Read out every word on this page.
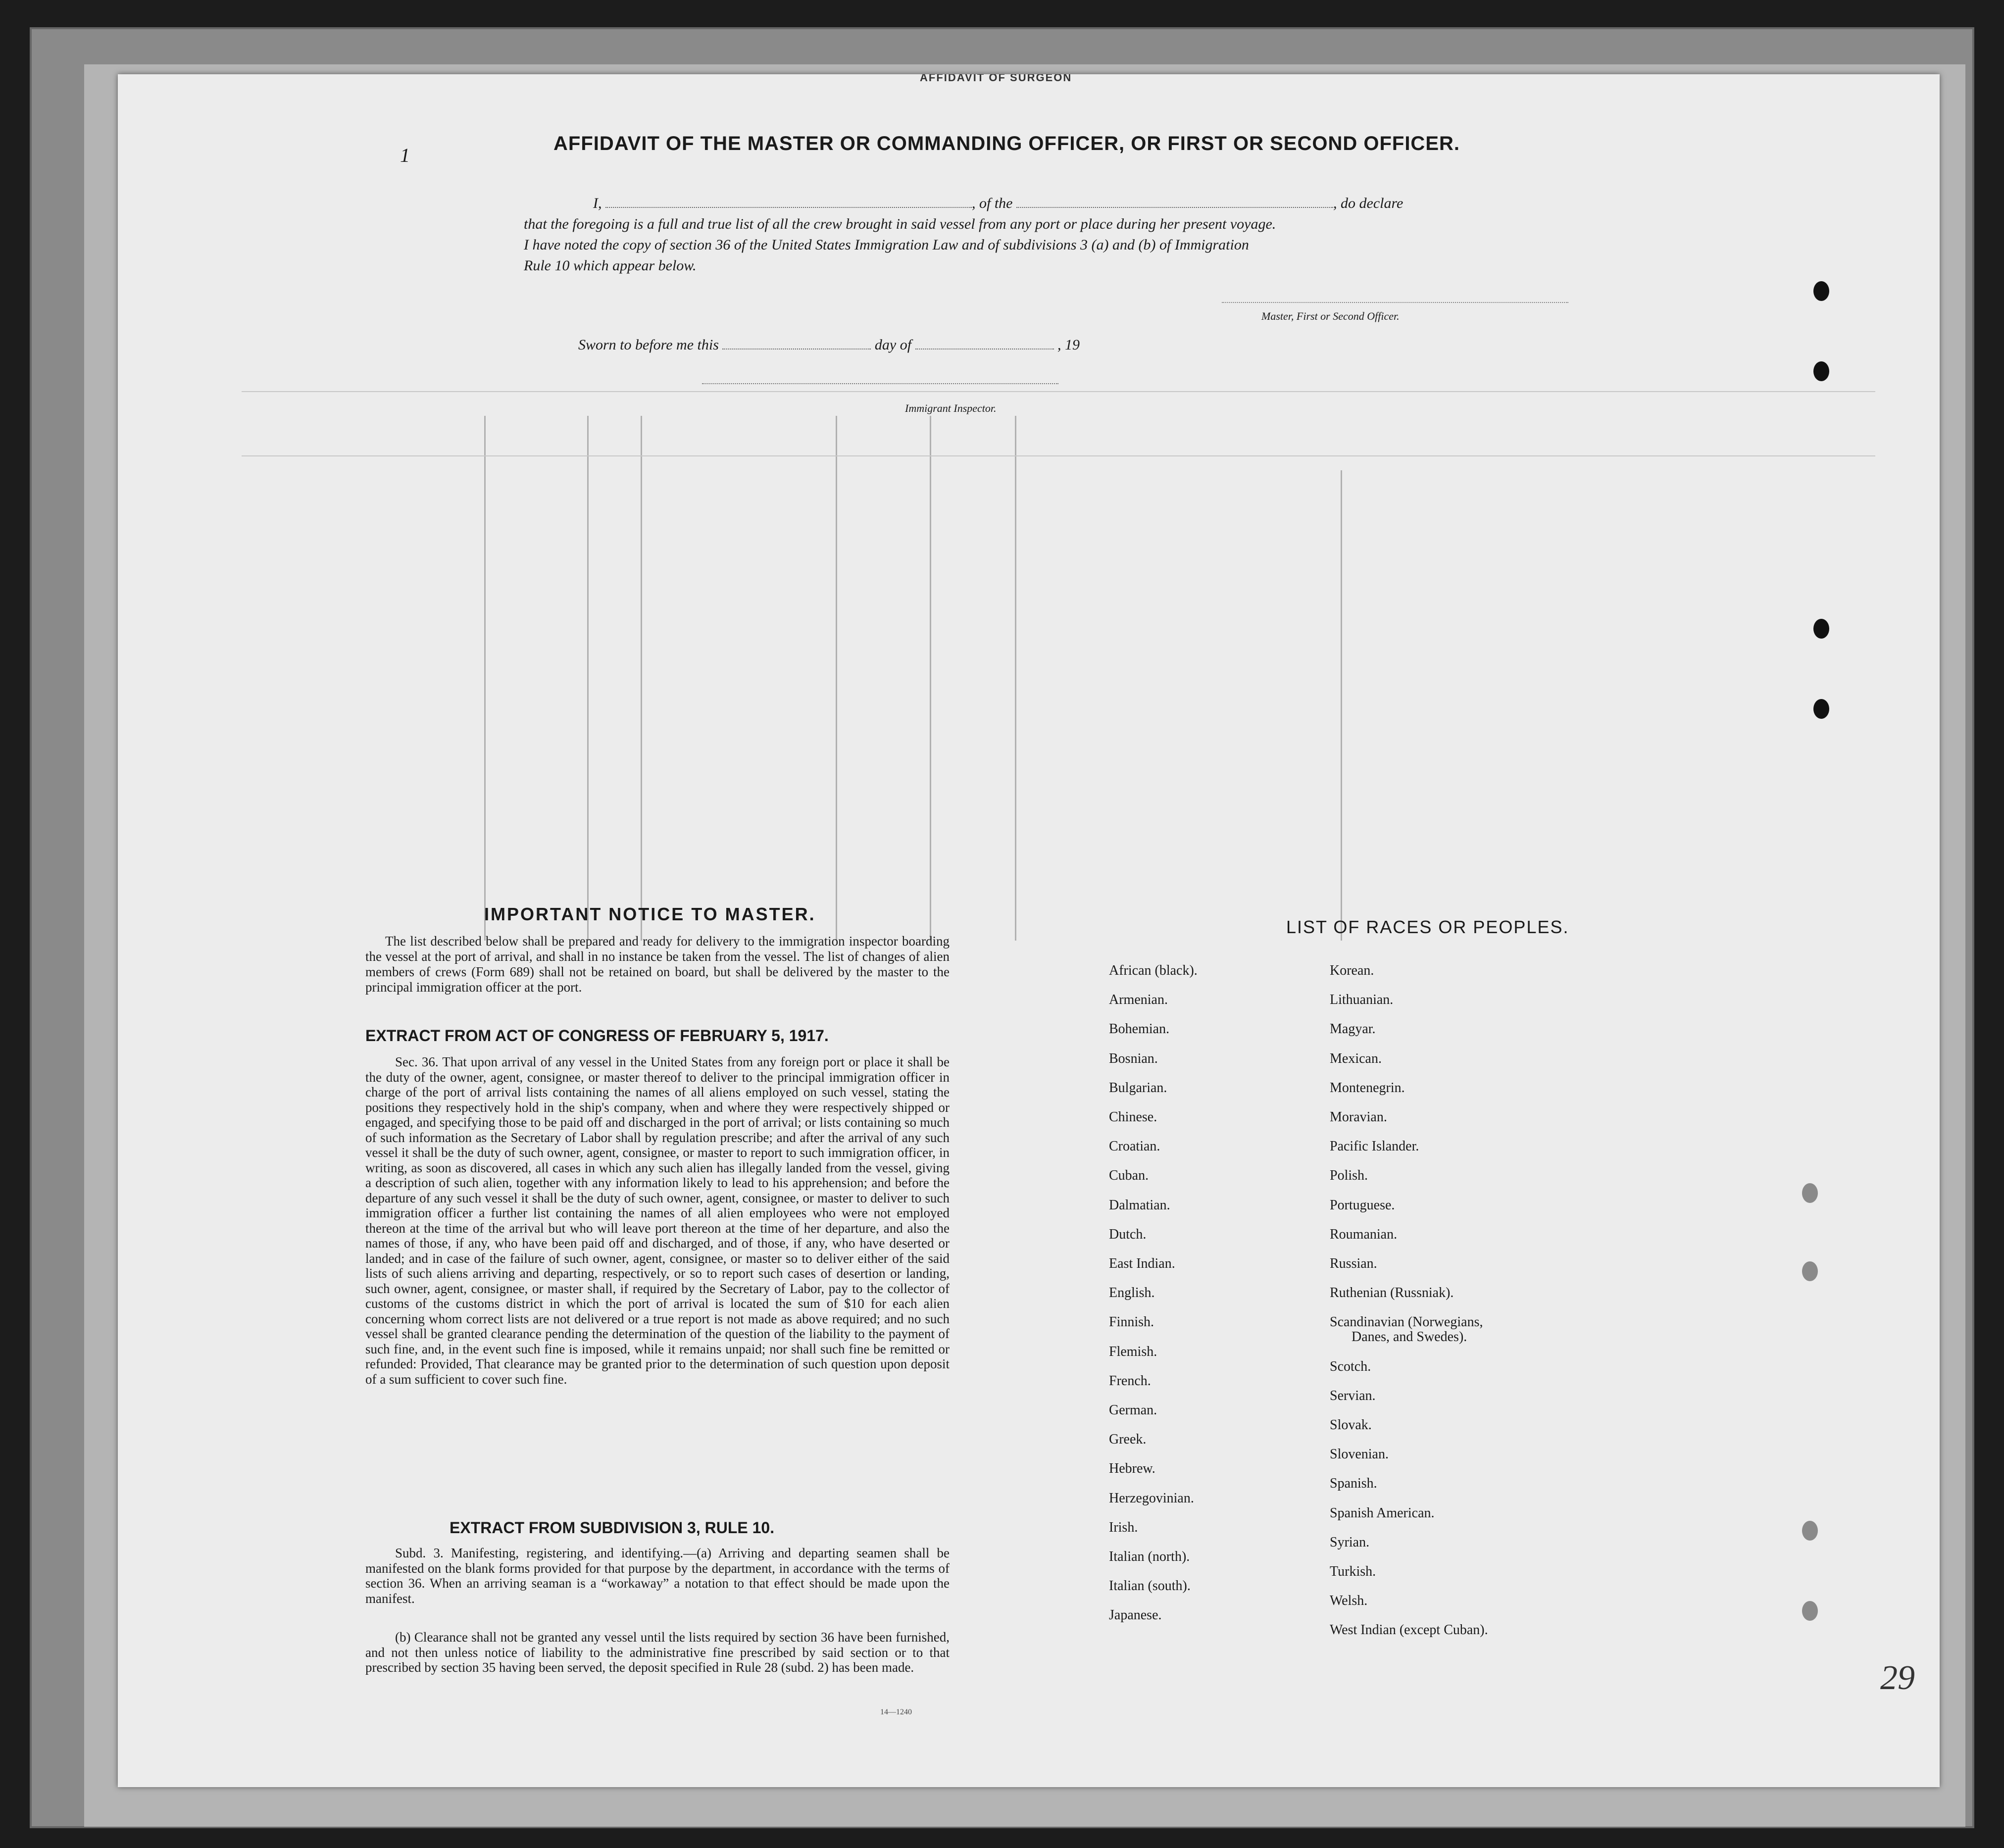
AFFIDAVIT OF SURGEON
1
AFFIDAVIT OF THE MASTER OR COMMANDING OFFICER, OR FIRST OR SECOND OFFICER.
I,	, of the	, do declare
that the foregoing is a full and true list of all the crew brought in said vessel from any port or place during her present voyage.
I have noted the copy of section 36 of the United States Immigration Law and of subdivisions 3 (a) and (b) of Immigration
Rule 10 which appear below.
Master, First or Second Officer.
Sworn to before me this	day of	, 19
Immigrant Inspector.
IMPORTANT NOTICE TO MASTER.
The list described below shall be prepared and ready for delivery to the immigration inspector boarding the vessel at the port of arrival, and shall in no instance be taken from the vessel. The list of changes of alien members of crews (Form 689) shall not be retained on board, but shall be delivered by the master to the principal immigration officer at the port.
EXTRACT FROM ACT OF CONGRESS OF FEBRUARY 5, 1917.
Sec. 36. That upon arrival of any vessel in the United States from any foreign port or place it shall be the duty of the owner, agent, consignee, or master thereof to deliver to the principal immigration officer in charge of the port of arrival lists containing the names of all aliens employed on such vessel, stating the positions they respectively hold in the ship's company, when and where they were respectively shipped or engaged, and specifying those to be paid off and discharged in the port of arrival; or lists containing so much of such information as the Secretary of Labor shall by regulation prescribe; and after the arrival of any such vessel it shall be the duty of such owner, agent, consignee, or master to report to such immigration officer, in writing, as soon as discovered, all cases in which any such alien has illegally landed from the vessel, giving a description of such alien, together with any information likely to lead to his apprehension; and before the departure of any such vessel it shall be the duty of such owner, agent, consignee, or master to deliver to such immigration officer a further list containing the names of all alien employees who were not employed thereon at the time of the arrival but who will leave port thereon at the time of her departure, and also the names of those, if any, who have been paid off and discharged, and of those, if any, who have deserted or landed; and in case of the failure of such owner, agent, consignee, or master so to deliver either of the said lists of such aliens arriving and departing, respectively, or so to report such cases of desertion or landing, such owner, agent, consignee, or master shall, if required by the Secretary of Labor, pay to the collector of customs of the customs district in which the port of arrival is located the sum of $10 for each alien concerning whom correct lists are not delivered or a true report is not made as above required; and no such vessel shall be granted clearance pending the determination of the question of the liability to the payment of such fine, and, in the event such fine is imposed, while it remains unpaid; nor shall such fine be remitted or refunded: Provided, That clearance may be granted prior to the determination of such question upon deposit of a sum sufficient to cover such fine.
EXTRACT FROM SUBDIVISION 3, RULE 10.
Subd. 3. Manifesting, registering, and identifying.—(a) Arriving and departing seamen shall be manifested on the blank forms provided for that purpose by the department, in accordance with the terms of section 36. When an arriving seaman is a “workaway” a notation to that effect should be made upon the manifest.
(b) Clearance shall not be granted any vessel until the lists required by section 36 have been furnished, and not then unless notice of liability to the administrative fine prescribed by said section or to that prescribed by section 35 having been served, the deposit specified in Rule 28 (subd. 2) has been made.
14—1240
LIST OF RACES OR PEOPLES.
African (black).
Armenian.
Bohemian.
Bosnian.
Bulgarian.
Chinese.
Croatian.
Cuban.
Dalmatian.
Dutch.
East Indian.
English.
Finnish.
Flemish.
French.
German.
Greek.
Hebrew.
Herzegovinian.
Irish.
Italian (north).
Italian (south).
Japanese.
Korean.
Lithuanian.
Magyar.
Mexican.
Montenegrin.
Moravian.
Pacific Islander.
Polish.
Portuguese.
Roumanian.
Russian.
Ruthenian (Russniak).
Scandinavian (Norwegians,
Danes, and Swedes).
Scotch.
Servian.
Slovak.
Slovenian.
Spanish.
Spanish American.
Syrian.
Turkish.
Welsh.
West Indian (except Cuban).
29
